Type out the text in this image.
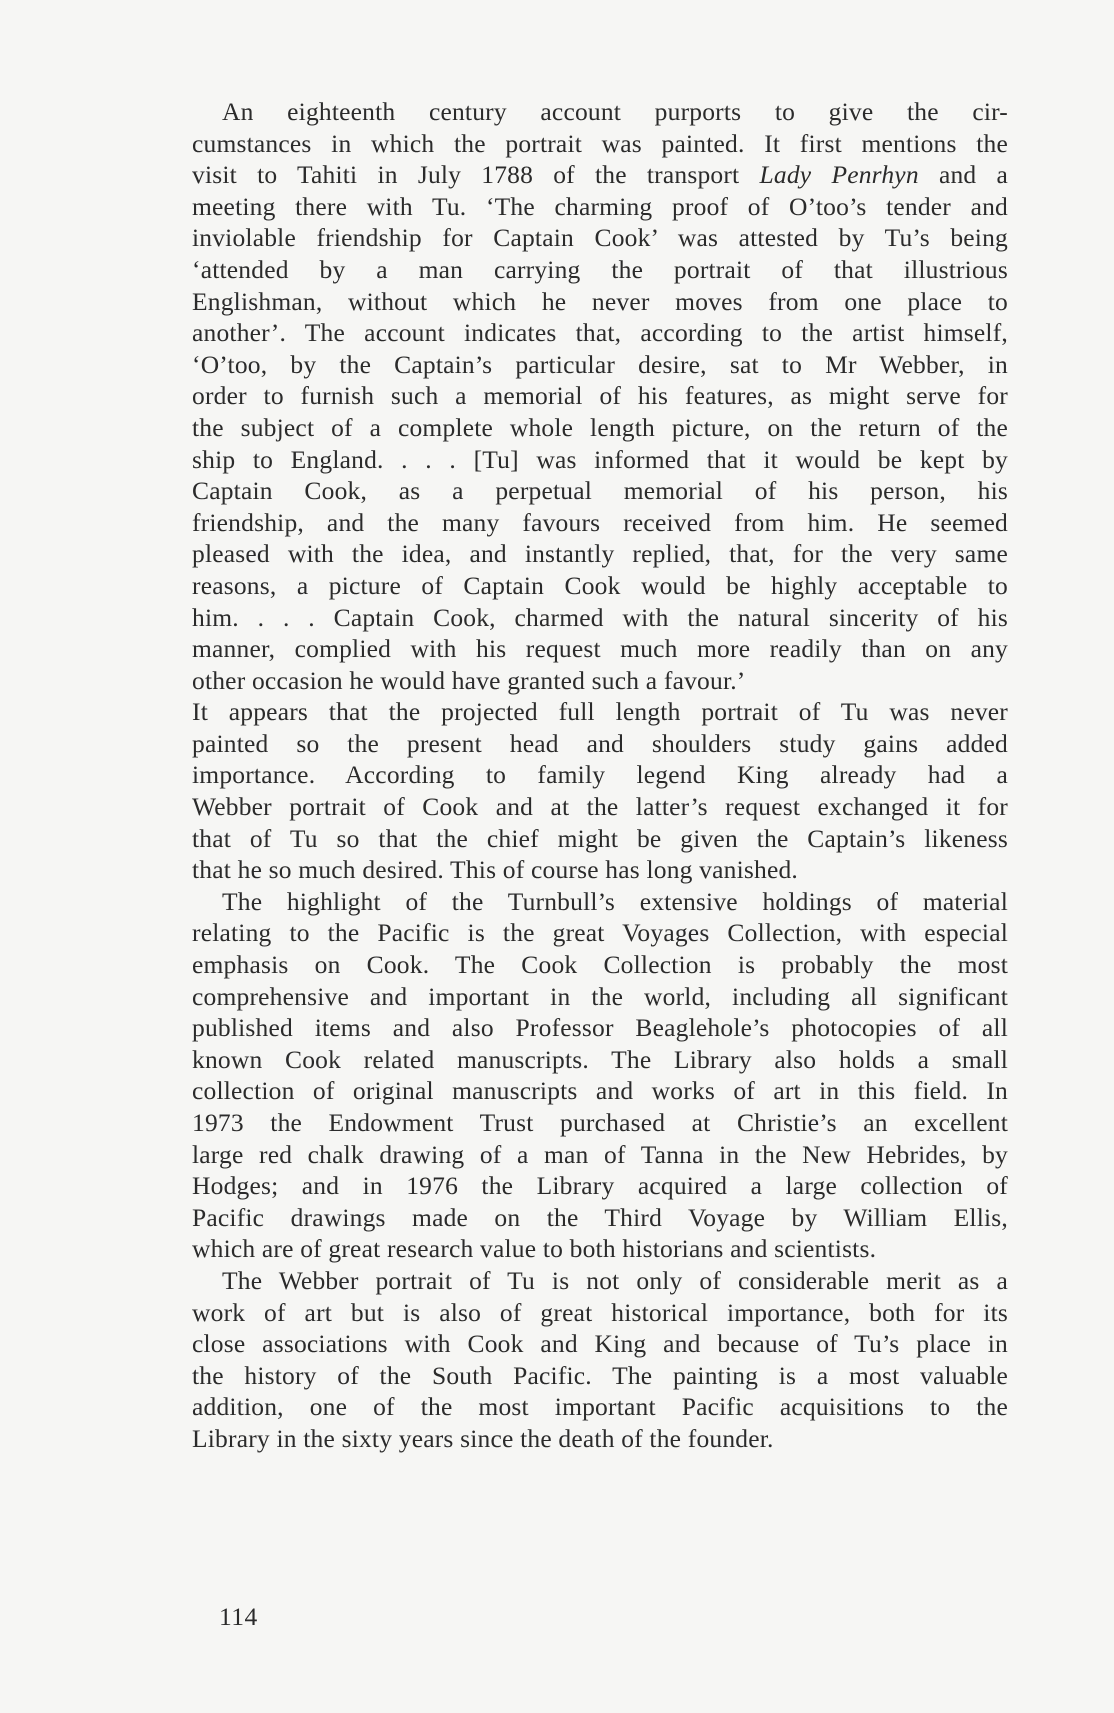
An eighteenth century account purports to give the cir-
cumstances in which the portrait was painted. It first mentions the
visit to Tahiti in July 1788 of the transport Lady Penrhyn and a
meeting there with Tu. ‘The charming proof of O’too’s tender and
inviolable friendship for Captain Cook’ was attested by Tu’s being
‘attended by a man carrying the portrait of that illustrious
Englishman, without which he never moves from one place to
another’. The account indicates that, according to the artist himself,
‘O’too, by the Captain’s particular desire, sat to Mr Webber, in
order to furnish such a memorial of his features, as might serve for
the subject of a complete whole length picture, on the return of the
ship to England. . . . [Tu] was informed that it would be kept by
Captain Cook, as a perpetual memorial of his person, his
friendship, and the many favours received from him. He seemed
pleased with the idea, and instantly replied, that, for the very same
reasons, a picture of Captain Cook would be highly acceptable to
him. . . . Captain Cook, charmed with the natural sincerity of his
manner, complied with his request much more readily than on any
other occasion he would have granted such a favour.’
It appears that the projected full length portrait of Tu was never
painted so the present head and shoulders study gains added
importance. According to family legend King already had a
Webber portrait of Cook and at the latter’s request exchanged it for
that of Tu so that the chief might be given the Captain’s likeness
that he so much desired. This of course has long vanished.
The highlight of the Turnbull’s extensive holdings of material
relating to the Pacific is the great Voyages Collection, with especial
emphasis on Cook. The Cook Collection is probably the most
comprehensive and important in the world, including all significant
published items and also Professor Beaglehole’s photocopies of all
known Cook related manuscripts. The Library also holds a small
collection of original manuscripts and works of art in this field. In
1973 the Endowment Trust purchased at Christie’s an excellent
large red chalk drawing of a man of Tanna in the New Hebrides, by
Hodges; and in 1976 the Library acquired a large collection of
Pacific drawings made on the Third Voyage by William Ellis,
which are of great research value to both historians and scientists.
The Webber portrait of Tu is not only of considerable merit as a
work of art but is also of great historical importance, both for its
close associations with Cook and King and because of Tu’s place in
the history of the South Pacific. The painting is a most valuable
addition, one of the most important Pacific acquisitions to the
Library in the sixty years since the death of the founder.
114
